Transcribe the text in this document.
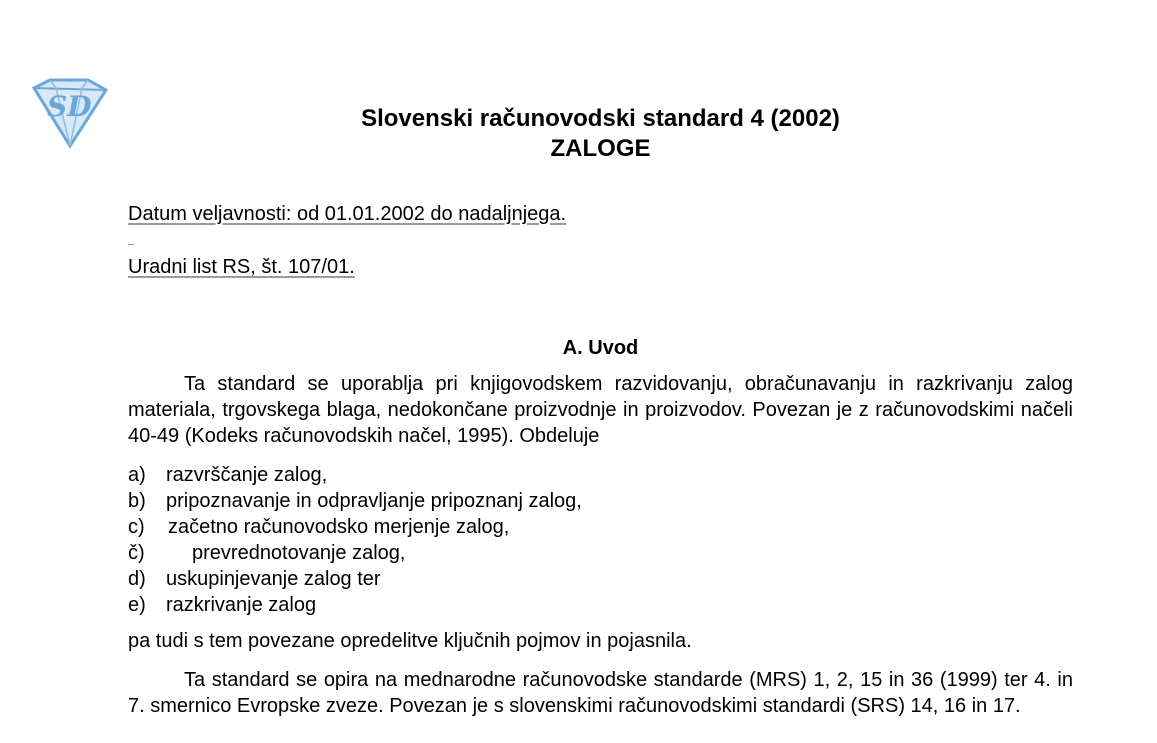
SD	Slovenski računovodski standard 4 (2002)
ZALOGE
Datum veljavnosti: od 01.01.2002 do nadaljnjega.
Uradni list RS, št. 107/01.
A. Uvod
Ta standard se uporablja pri knjigovodskem razvidovanju, obračunavanju in razkrivanju zalog materiala, trgovskega blaga, nedokončane proizvodnje in proizvodov. Povezan je z računovodskimi načeli 40-49 (Kodeks računovodskih načel, 1995). Obdeluje
a) razvrščanje zalog,
b) pripoznavanje in odpravljanje pripoznanj zalog,
c) začetno računovodsko merjenje zalog,
č) prevrednotovanje zalog,
d) uskupinjevanje zalog ter
e) razkrivanje zalog
pa tudi s tem povezane opredelitve ključnih pojmov in pojasnila.
Ta standard se opira na mednarodne računovodske standarde (MRS) 1, 2, 15 in 36 (1999) ter 4. in 7. smernico Evropske zveze. Povezan je s slovenskimi računovodskimi standardi (SRS) 14, 16 in 17.
